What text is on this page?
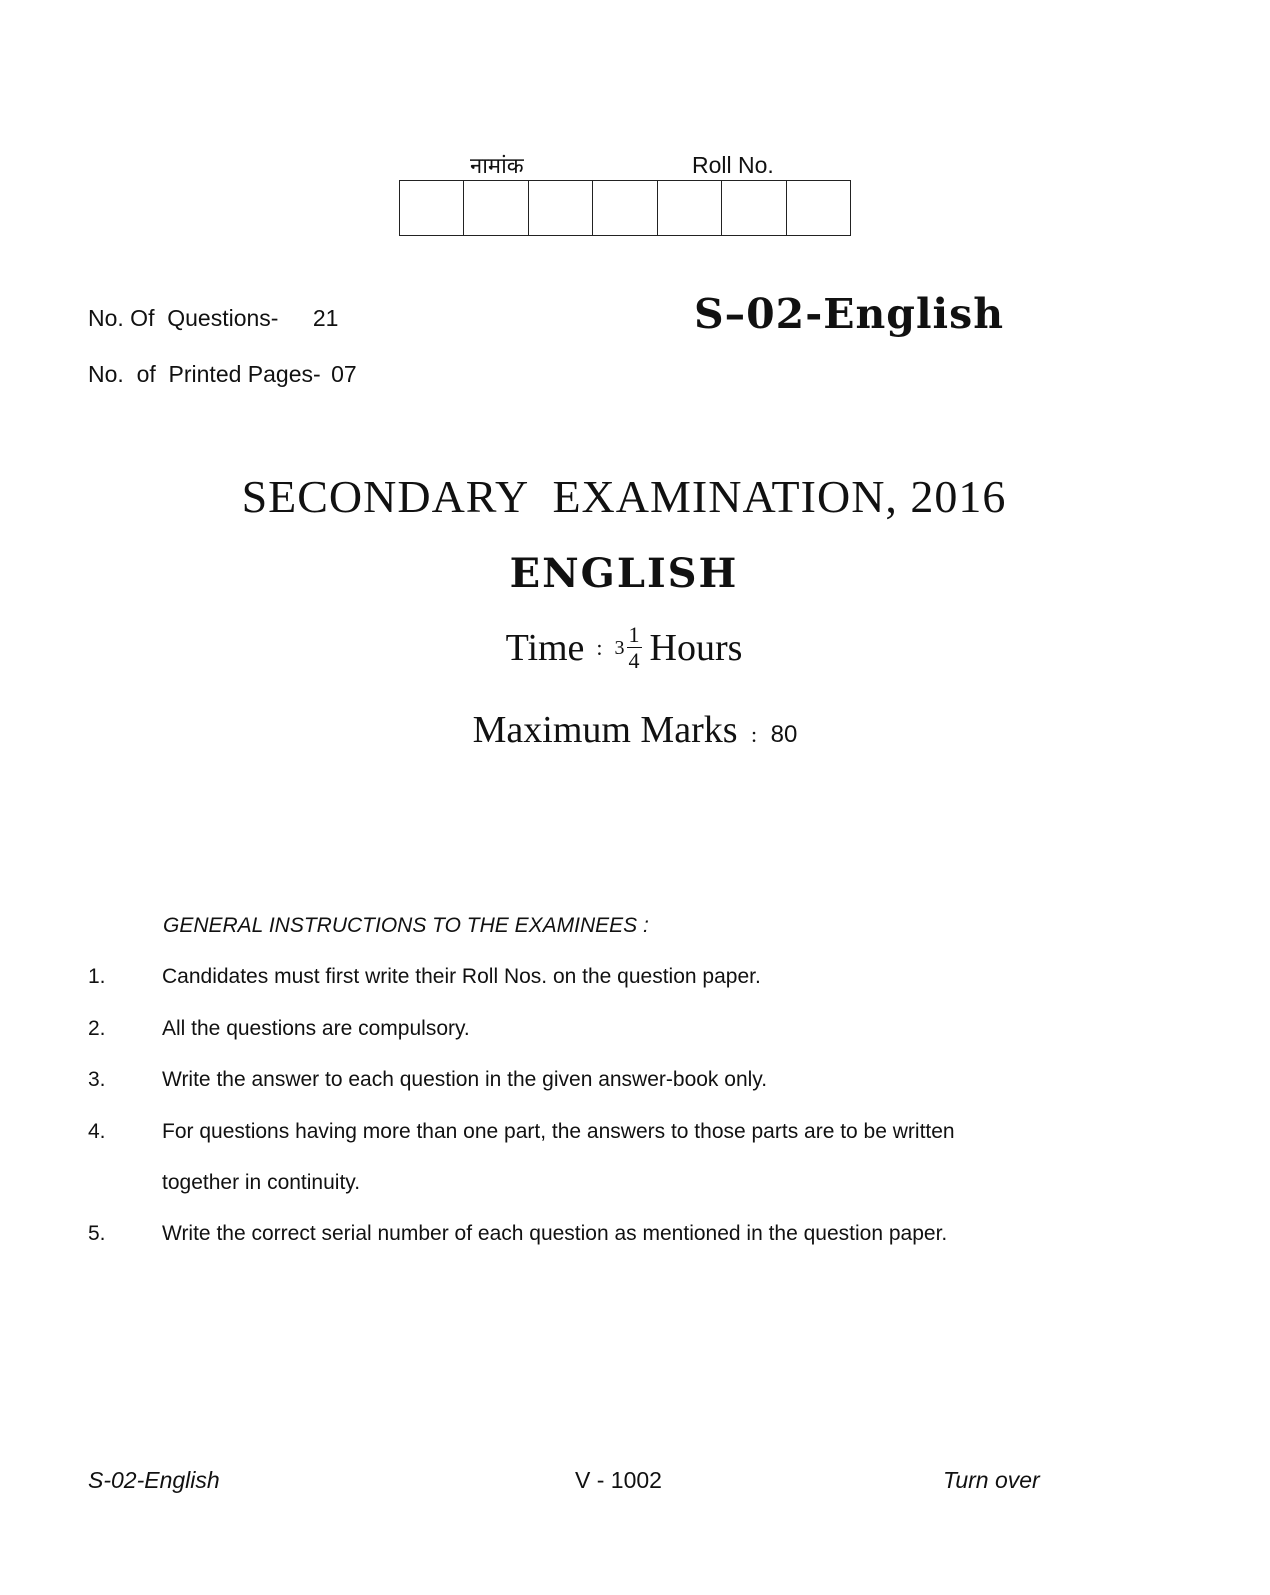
नामांक	Roll No.
No. Of  Questions- 21
No.  of  Printed Pages- 07
S–02-English
SECONDARY  EXAMINATION, 2016
ENGLISH
Time : $3 \frac{1}{4}$ Hours
Maximum Marks : 80
GENERAL INSTRUCTIONS TO THE EXAMINEES :
1.	Candidates must first write their Roll Nos. on the question paper.
2.	All the questions are compulsory.
3.	Write the answer to each question in the given answer-book only.
4.	For questions having more than one part, the answers to those parts are to be written
together in continuity.
5.	Write the correct serial number of each question as mentioned in the question paper.
S-02-English	V - 1002	Turn over
